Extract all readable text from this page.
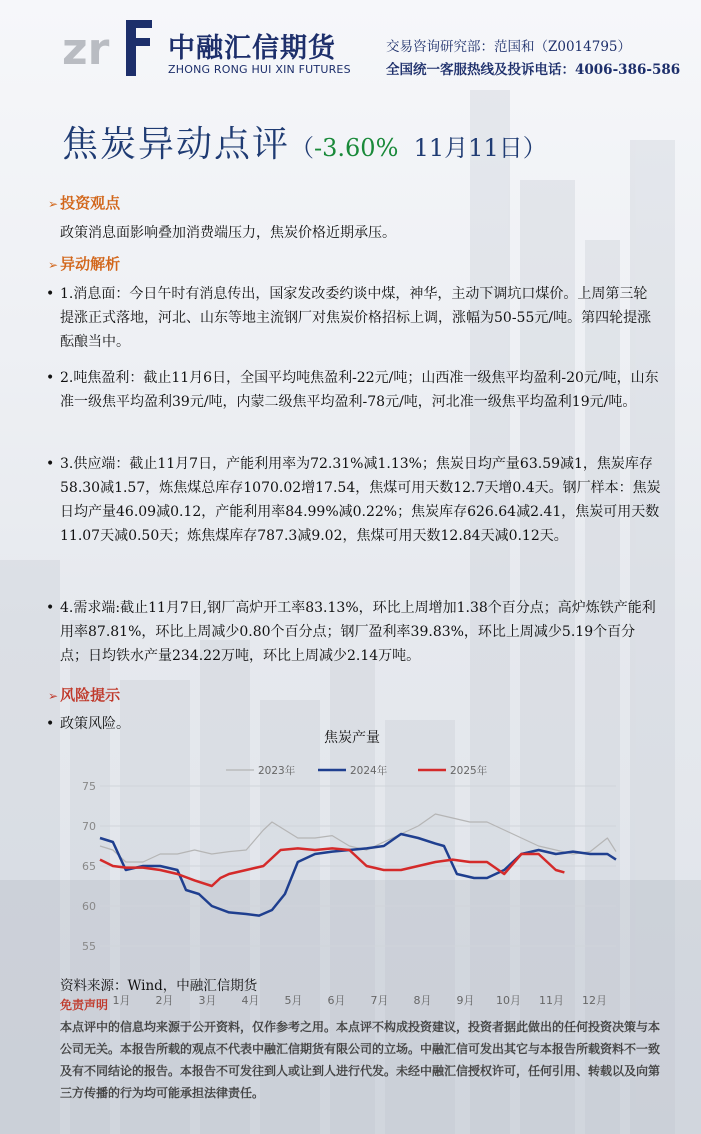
zr 中融汇信期货
ZHONG RONG HUI XIN FUTURES
交易咨询研究部：范国和（Z0014795）
全国统一客服热线及投诉电话：4006-386-586
焦炭异动点评（-3.60% 11月11日）
➢ 投资观点
政策消息面影响叠加消费端压力，焦炭价格近期承压。
➢ 异动解析
• 1.消息面：今日午时有消息传出，国家发改委约谈中煤，神华，主动下调坑口煤价。上周第三轮提涨正式落地，河北、山东等地主流钢厂对焦炭价格招标上调，涨幅为50-55元/吨。第四轮提涨酝酿当中。
• 2.吨焦盈利：截止11月6日，全国平均吨焦盈利-22元/吨；山西准一级焦平均盈利-20元/吨，山东准一级焦平均盈利39元/吨，内蒙二级焦平均盈利-78元/吨，河北准一级焦平均盈利19元/吨。
• 3.供应端：截止11月7日，产能利用率为72.31%减1.13%；焦炭日均产量63.59减1，焦炭库存58.30减1.57，炼焦煤总库存1070.02增17.54，焦煤可用天数12.7天增0.4天。钢厂样本：焦炭日均产量46.09减0.12，产能利用率84.99%减0.22%；焦炭库存626.64减2.41，焦炭可用天数11.07天减0.50天；炼焦煤库存787.3减9.02，焦煤可用天数12.84天减0.12天。
• 4.需求端:截止11月7日,钢厂高炉开工率83.13%，环比上周增加1.38个百分点；高炉炼铁产能利用率87.81%，环比上周减少0.80个百分点；钢厂盈利率39.83%，环比上周减少5.19个百分点；日均铁水产量234.22万吨，环比上周减少2.14万吨。
➢ 风险提示
• 政策风险。
焦炭产量
2023年	2024年	2025年
75
70
65
60
55
1月 2月 3月 4月 5月 6月 7月 8月 9月 10月 11月 12月
资料来源：Wind，中融汇信期货
免责声明
本点评中的信息均来源于公开资料，仅作参考之用。本点评不构成投资建议，投资者据此做出的任何投资决策与本公司无关。本报告所载的观点不代表中融汇信期货有限公司的立场。中融汇信可发出其它与本报告所载资料不一致及有不同结论的报告。本报告不可发往到人或让到人进行代发。未经中融汇信授权许可，任何引用、转载以及向第三方传播的行为均可能承担法律责任。
